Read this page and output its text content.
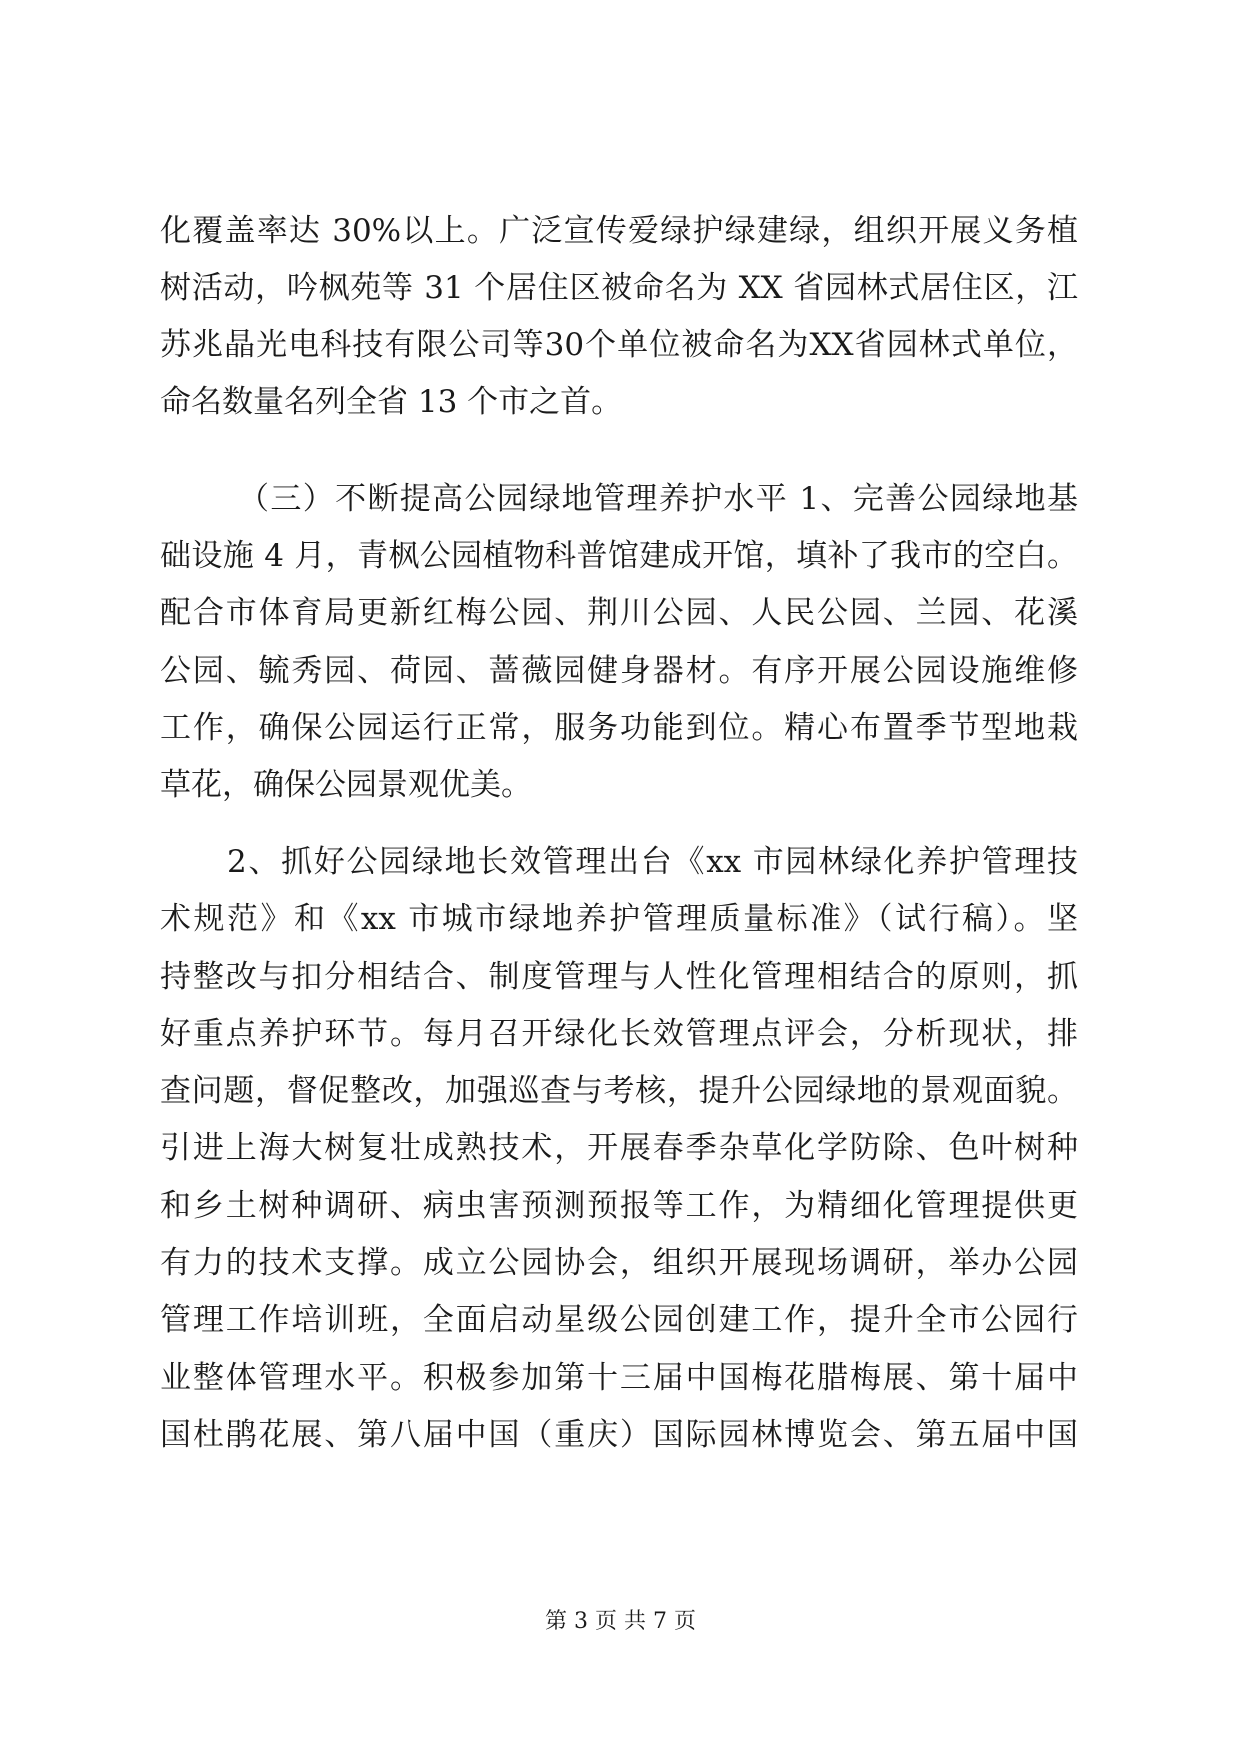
化覆盖率达 30%以上。广泛宣传爱绿护绿建绿，组织开展义务植
树活动，吟枫苑等 31 个居住区被命名为 XX 省园林式居住区，江
苏兆晶光电科技有限公司等30个单位被命名为XX省园林式单位，
命名数量名列全省 13 个市之首。
（三）不断提高公园绿地管理养护水平 1、完善公园绿地基
础设施 4 月，青枫公园植物科普馆建成开馆，填补了我市的空白。
配合市体育局更新红梅公园、荆川公园、人民公园、兰园、花溪
公园、毓秀园、荷园、蔷薇园健身器材。有序开展公园设施维修
工作，确保公园运行正常，服务功能到位。精心布置季节型地栽
草花，确保公园景观优美。
2、抓好公园绿地长效管理出台《xx 市园林绿化养护管理技
术规范》和《xx 市城市绿地养护管理质量标准》（试行稿）。坚
持整改与扣分相结合、制度管理与人性化管理相结合的原则，抓
好重点养护环节。每月召开绿化长效管理点评会，分析现状，排
查问题，督促整改，加强巡查与考核，提升公园绿地的景观面貌。
引进上海大树复壮成熟技术，开展春季杂草化学防除、色叶树种
和乡土树种调研、病虫害预测预报等工作，为精细化管理提供更
有力的技术支撑。成立公园协会，组织开展现场调研，举办公园
管理工作培训班，全面启动星级公园创建工作，提升全市公园行
业整体管理水平。积极参加第十三届中国梅花腊梅展、第十届中
国杜鹃花展、第八届中国（重庆）国际园林博览会、第五届中国
第 3 页 共 7 页
